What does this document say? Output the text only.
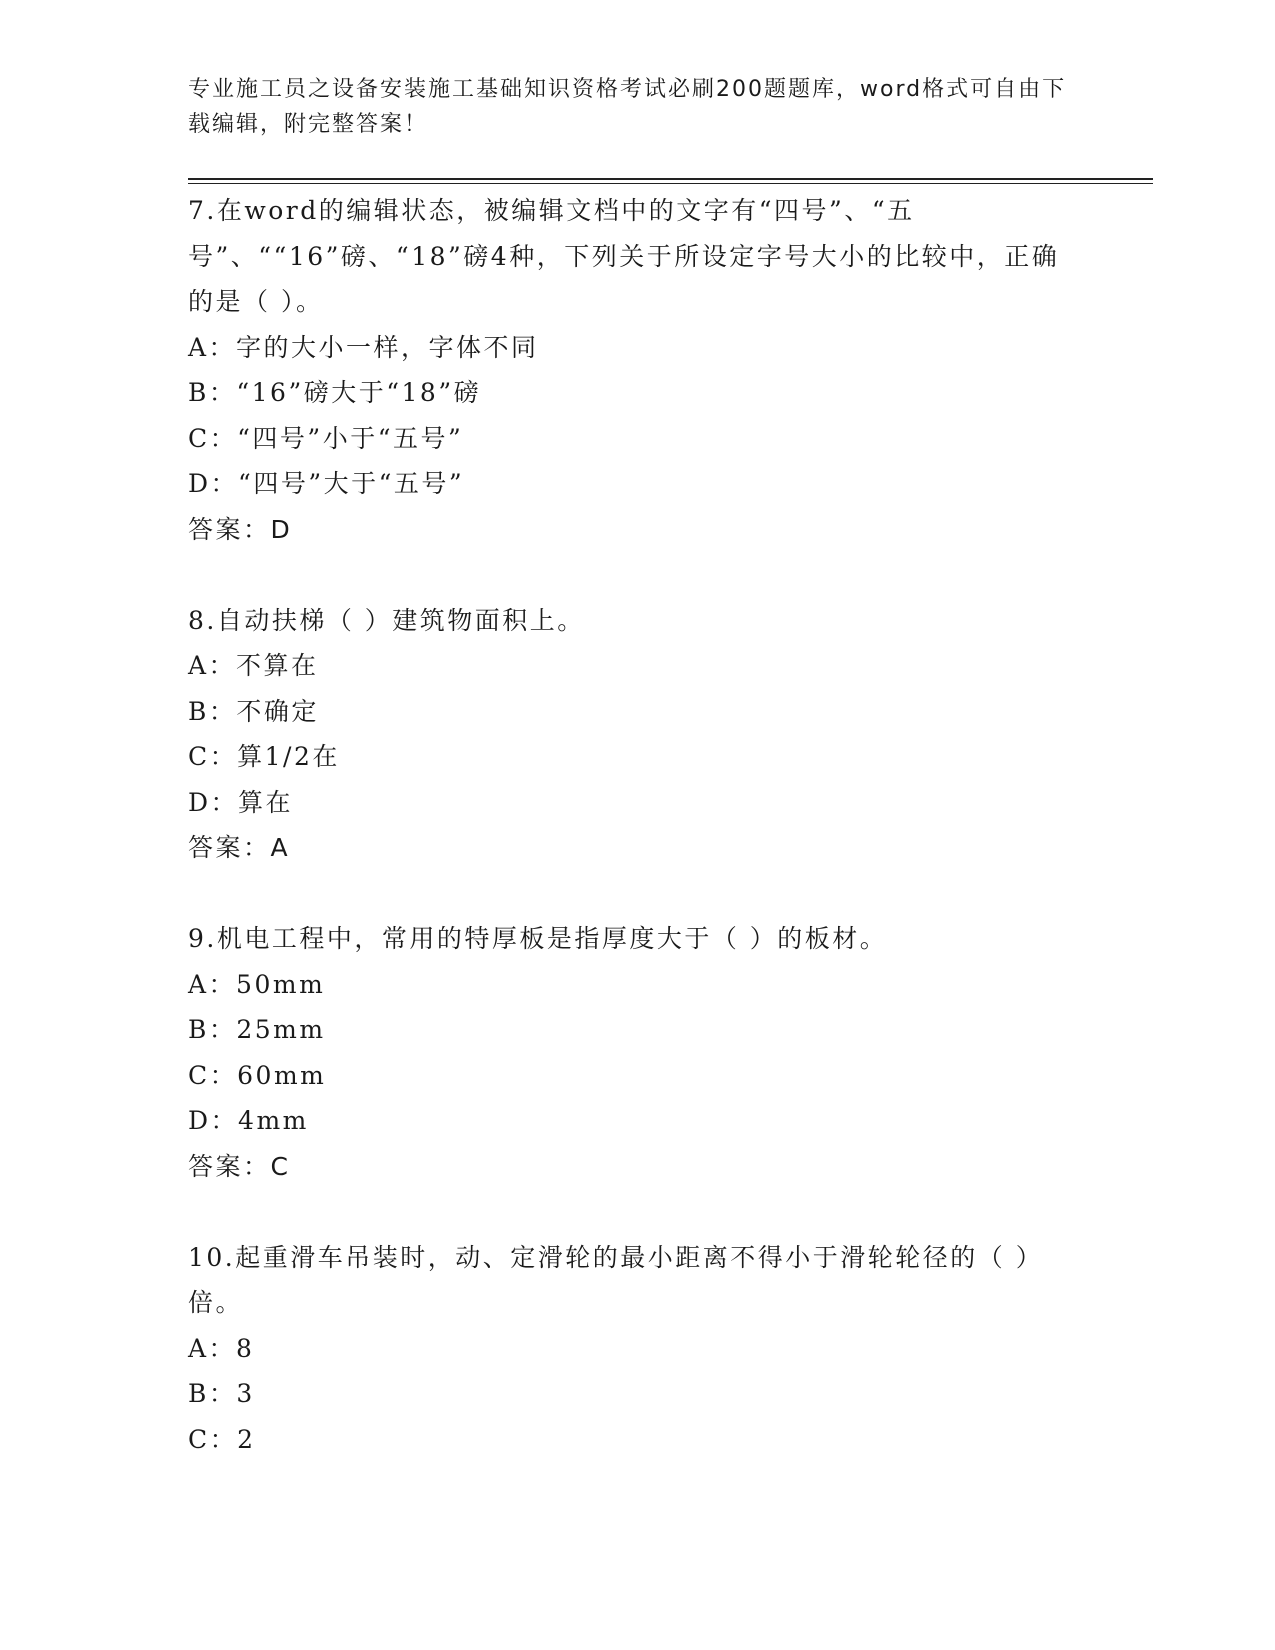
专业施工员之设备安装施工基础知识资格考试必刷200题题库，word格式可自由下载编辑，附完整答案！

7.在word的编辑状态，被编辑文档中的文字有“四号”、“五号”、““16”磅、“18”磅4种，下列关于所设定字号大小的比较中，正确的是（ ）。

A：字的大小一样，字体不同

B：“16”磅大于“18”磅

C：“四号”小于“五号”

D：“四号”大于“五号”

答案：D

8.自动扶梯（ ）建筑物面积上。

A：不算在

B：不确定

C：算1/2在

D：算在

答案：A

9.机电工程中，常用的特厚板是指厚度大于（ ）的板材。

A：50mm

B：25mm

C：60mm

D：4mm

答案：C

10.起重滑车吊装时，动、定滑轮的最小距离不得小于滑轮轮径的（ ）倍。

A：8

B：3

C：2
